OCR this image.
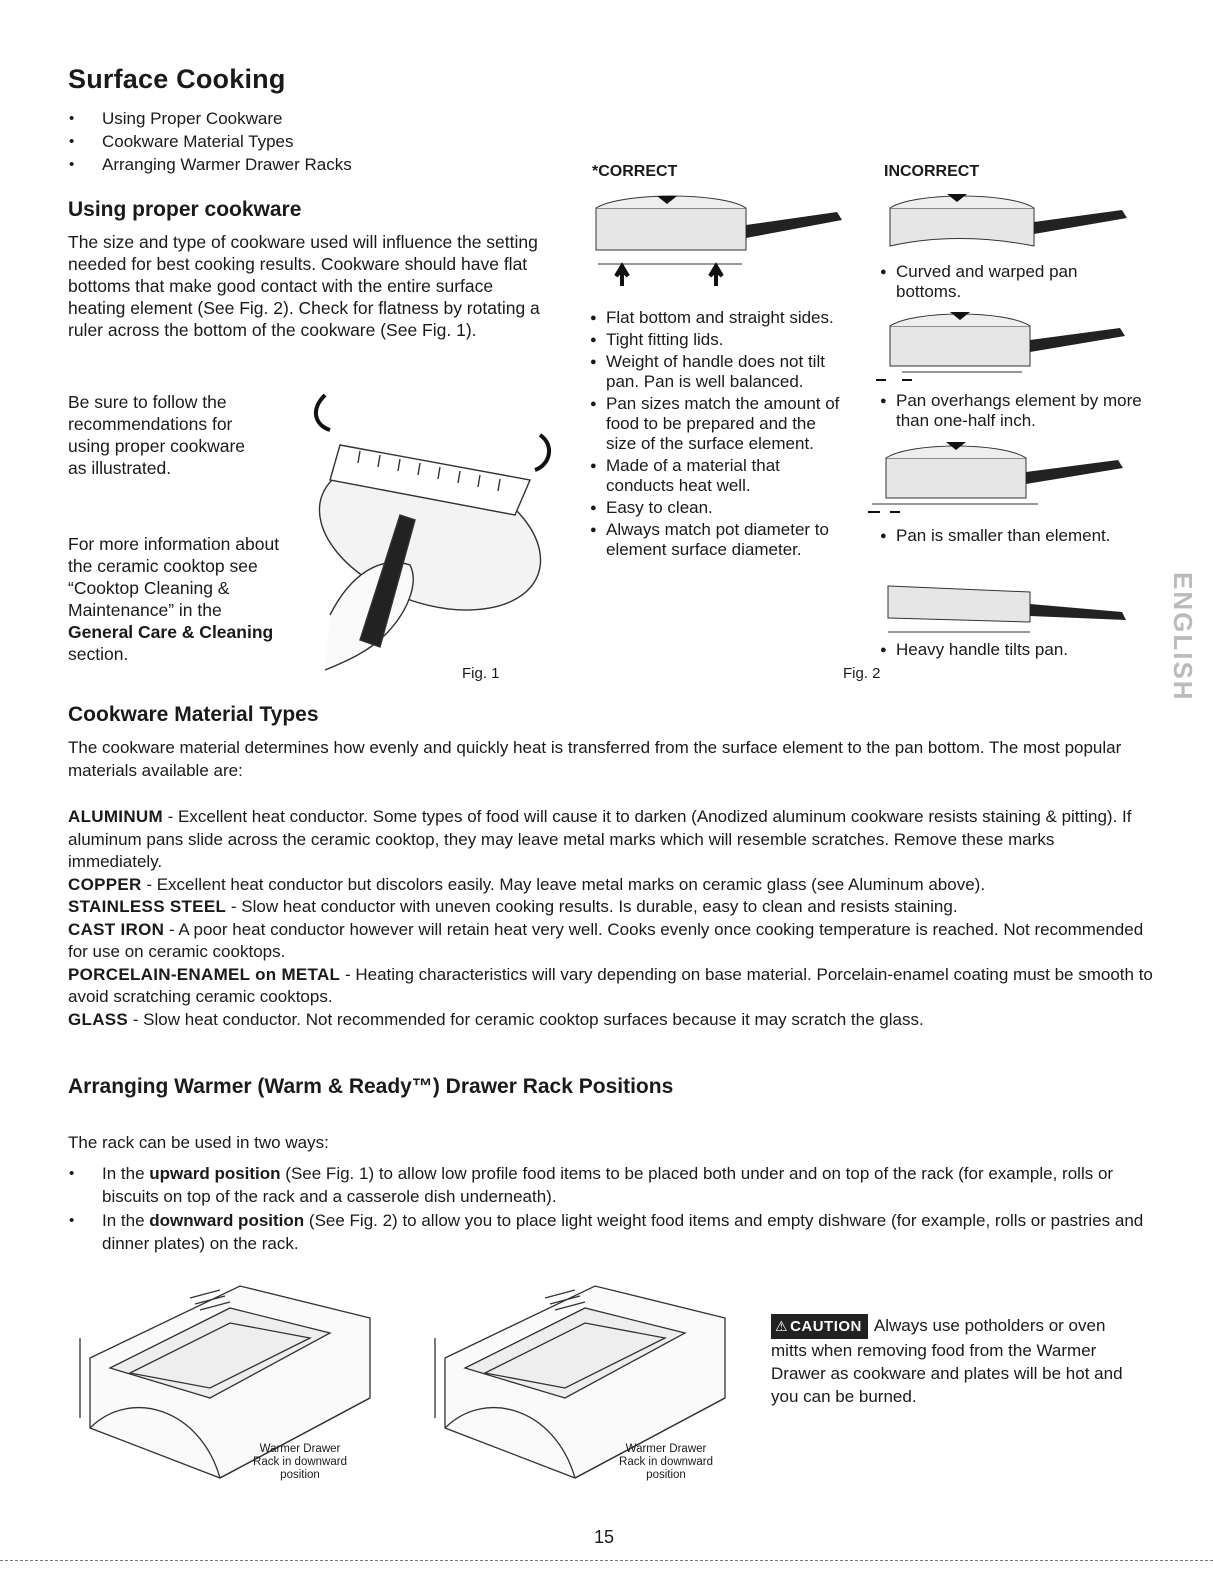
Surface Cooking
• Using Proper Cookware
• Cookware Material Types
• Arranging Warmer Drawer Racks
Using proper cookware
The size and type of cookware used will influence the setting needed for best cooking results. Cookware should have flat bottoms that make good contact with the entire surface heating element (See Fig. 2). Check for flatness by rotating a ruler across the bottom of the cookware (See Fig. 1).
Be sure to follow the recommendations for using proper cookware as illustrated.
For more information about the ceramic cooktop see “Cooktop Cleaning & Maintenance” in the General Care & Cleaning section.
Fig. 1
*CORRECT
● Flat bottom and straight sides.
● Tight fitting lids.
● Weight of handle does not tilt pan. Pan is well balanced.
● Pan sizes match the amount of food to be prepared and the size of the surface element.
● Made of a material that conducts heat well.
● Easy to clean.
● Always match pot diameter to element surface diameter.
INCORRECT
● Curved and warped pan bottoms.
● Pan overhangs element by more than one-half inch.
● Pan is smaller than element.
● Heavy handle tilts pan.
Fig. 2	ENGLISH
Cookware Material Types
The cookware material determines how evenly and quickly heat is transferred from the surface element to the pan bottom. The most popular materials available are:

ALUMINUM - Excellent heat conductor. Some types of food will cause it to darken (Anodized aluminum cookware resists staining & pitting). If aluminum pans slide across the ceramic cooktop, they may leave metal marks which will resemble scratches. Remove these marks immediately.

COPPER - Excellent heat conductor but discolors easily. May leave metal marks on ceramic glass (see Aluminum above).

STAINLESS STEEL - Slow heat conductor with uneven cooking results. Is durable, easy to clean and resists staining.

CAST IRON - A poor heat conductor however will retain heat very well. Cooks evenly once cooking temperature is reached. Not recommended for use on ceramic cooktops.

PORCELAIN-ENAMEL on METAL - Heating characteristics will vary depending on base material. Porcelain-enamel coating must be smooth to avoid scratching ceramic cooktops.

GLASS - Slow heat conductor. Not recommended for ceramic cooktop surfaces because it may scratch the glass.

Arranging Warmer (Warm & Ready™) Drawer Rack Positions
The rack can be used in two ways:
• In the upward position (See Fig. 1) to allow low profile food items to be placed both under and on top of the rack (for example, rolls or biscuits on top of the rack and a casserole dish underneath).
• In the downward position (See Fig. 2) to allow you to place light weight food items and empty dishware (for example, rolls or pastries and dinner plates) on the rack.
Warmer Drawer
Rack in downward
position
Warmer Drawer
Rack in downward
position
⚠ CAUTION Always use potholders or oven mitts when removing food from the Warmer Drawer as cookware and plates will be hot and you can be burned.
15
